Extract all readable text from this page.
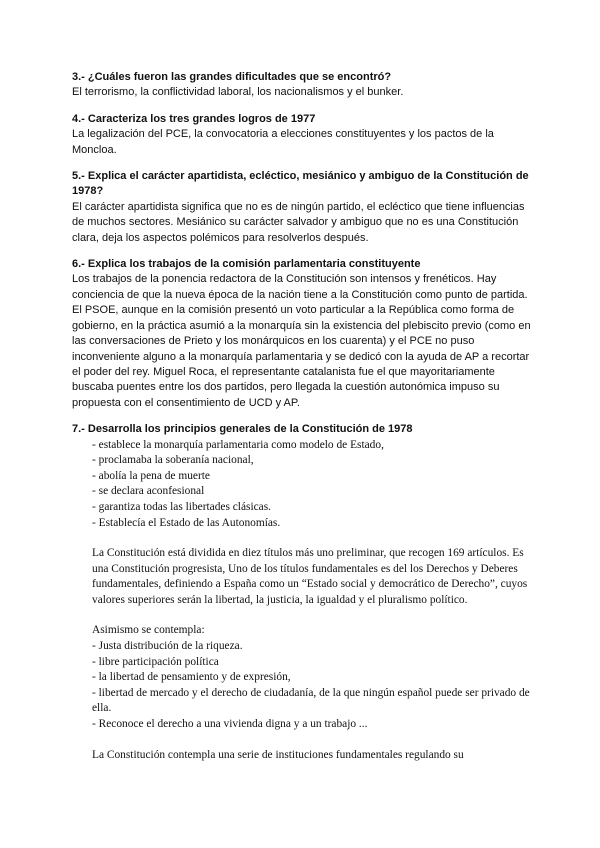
3.- ¿Cuáles fueron las grandes dificultades que se encontró?

El terrorismo, la conflictividad laboral, los nacionalismos y el bunker.

4.- Caracteriza los tres grandes logros de 1977

La legalización del PCE, la convocatoria a elecciones constituyentes y los pactos de la Moncloa.

5.- Explica el carácter apartidista, ecléctico, mesiánico y ambiguo de la Constitución de 1978?

El carácter apartidista significa que no es de ningún partido, el ecléctico que tiene influencias de muchos sectores. Mesiánico su carácter salvador y ambiguo que no es una Constitución clara, deja los aspectos polémicos para resolverlos después.

6.- Explica los trabajos de la comisión parlamentaria constituyente

Los trabajos de la ponencia redactora de la Constitución son intensos y frenéticos. Hay conciencia de que la nueva época de la nación tiene a la Constitución como punto de partida. El PSOE, aunque en la comisión presentó un voto particular a la República como forma de gobierno, en la práctica asumió a la monarquía sin la existencia del plebiscito previo (como en las conversaciones de Prieto y los monárquicos en los cuarenta) y el PCE no puso inconveniente alguno a la monarquía parlamentaria y se dedicó con la ayuda de AP a recortar el poder del rey. Miguel Roca, el representante catalanista fue el que mayoritariamente buscaba puentes entre los dos partidos, pero llegada la cuestión autonómica impuso su propuesta con el consentimiento de UCD y AP.

7.- Desarrolla los principios generales de la Constitución de 1978

- establece la monarquía parlamentaria como modelo de Estado,
- proclamaba la soberanía nacional,
- abolía la pena de muerte
- se declara aconfesional
- garantiza todas las libertades clásicas.
- Establecía el Estado de las Autonomías.

La Constitución está dividida en diez títulos más uno preliminar, que recogen 169 artículos. Es una Constitución progresista, Uno de los títulos fundamentales es del los Derechos y Deberes fundamentales, definiendo a España como un “Estado social y democrático de Derecho”, cuyos valores superiores serán la libertad, la justicia, la igualdad y el pluralismo político.

Asimismo se contempla:

- Justa distribución de la riqueza.
- libre participación política
- la libertad de pensamiento y de expresión,
- libertad de mercado y el derecho de ciudadanía, de la que ningún español puede ser privado de ella.
- Reconoce el derecho a una vivienda digna y a un trabajo ...

La Constitución contempla una serie de instituciones fundamentales regulando su
